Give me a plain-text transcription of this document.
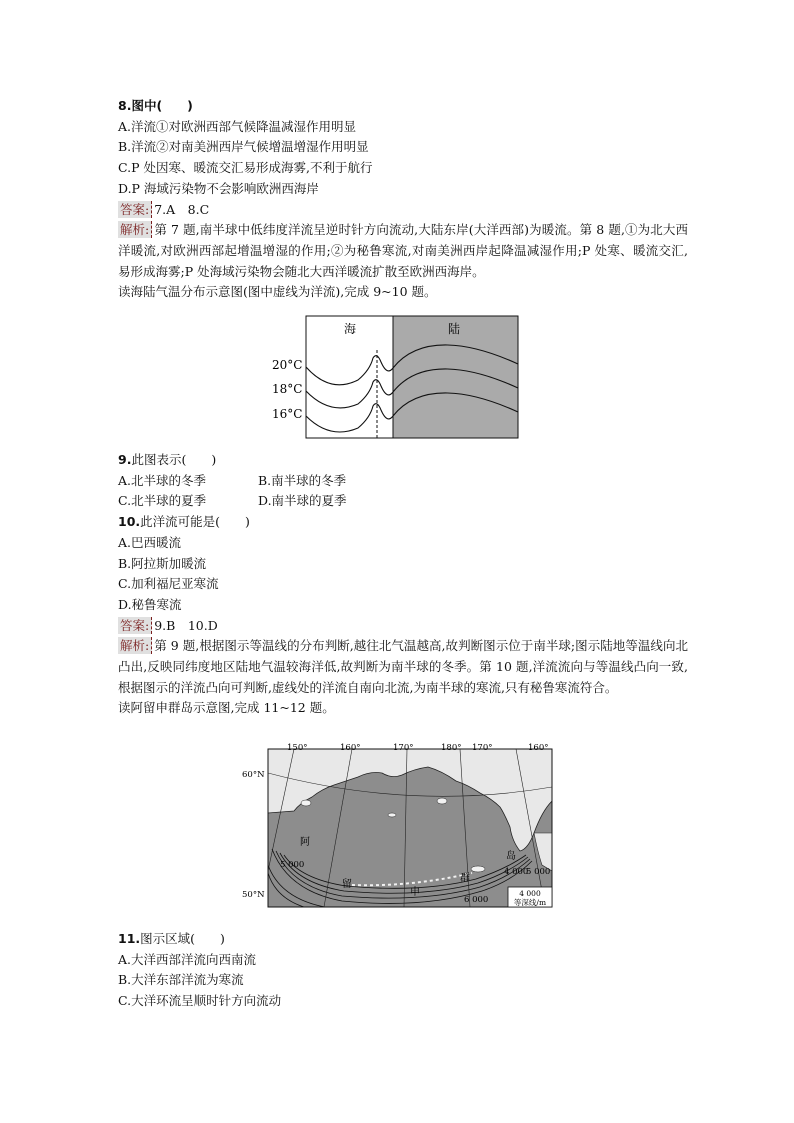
8.图中(　　)
A.洋流①对欧洲西部气候降温减湿作用明显
B.洋流②对南美洲西岸气候增温增湿作用明显
C.P 处因寒、暖流交汇易形成海雾,不利于航行
D.P 海域污染物不会影响欧洲西海岸
答案: 7.A　8.C
解析: 第 7 题,南半球中低纬度洋流呈逆时针方向流动,大陆东岸(大洋西部)为暖流。第 8 题,①为北大西洋暖流,对欧洲西部起增温增湿的作用;②为秘鲁寒流,对南美洲西岸起降温减湿作用;P 处寒、暖流交汇,易形成海雾;P 处海域污染物会随北大西洋暖流扩散至欧洲西海岸。
读海陆气温分布示意图(图中虚线为洋流),完成 9~10 题。
海	陆
20°C
18°C
16°C
9.此图表示(　　)
A.北半球的冬季	B.南半球的冬季
C.北半球的夏季	D.南半球的夏季
10.此洋流可能是(　　)
A.巴西暖流
B.阿拉斯加暖流
C.加利福尼亚寒流
D.秘鲁寒流
答案: 9.B　10.D
解析: 第 9 题,根据图示等温线的分布判断,越往北气温越高,故判断图示位于南半球;图示陆地等温线向北凸出,反映同纬度地区陆地气温较海洋低,故判断为南半球的冬季。第 10 题,洋流流向与等温线凸向一致,根据图示的洋流凸向可判断,虚线处的洋流自南向北流,为南半球的寒流,只有秘鲁寒流符合。
读阿留申群岛示意图,完成 11~12 题。
4 000
等深线/m
150°	160°	170°	180° 170°	160°
60°N
50°N
5 000
6 000
4 000
5 000
阿
留
申
群
岛
11.图示区域(　　)
A.大洋西部洋流向西南流
B.大洋东部洋流为寒流
C.大洋环流呈顺时针方向流动
